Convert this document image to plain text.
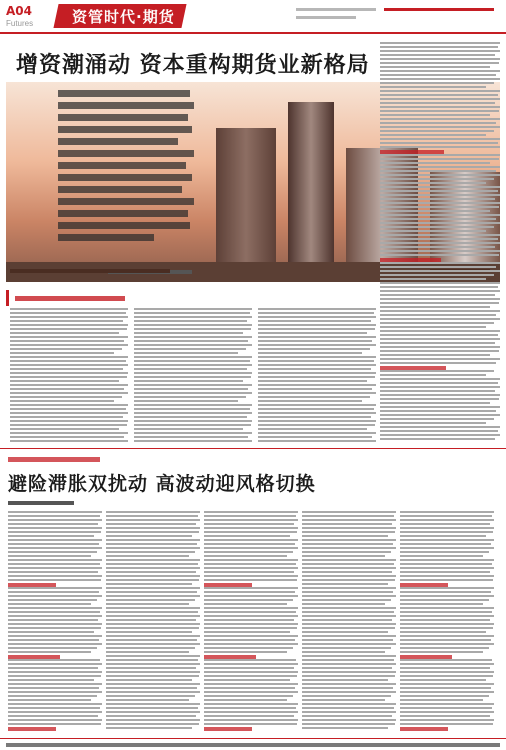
A04
Futures	资管时代·期货
增资潮涌动 资本重构期货业新格局
避险滞胀双扰动 高波动迎风格切换
